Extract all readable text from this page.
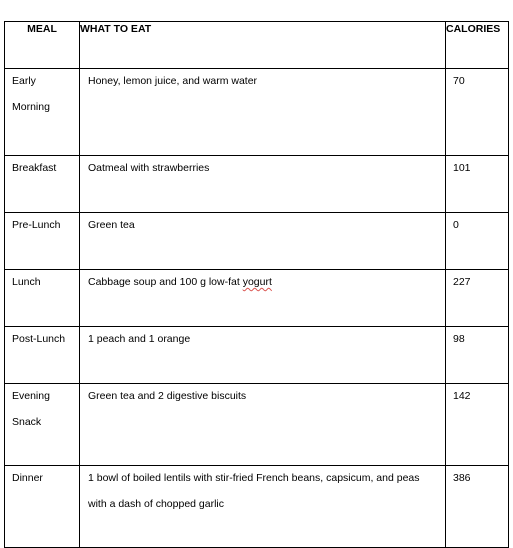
MEAL	WHAT TO EAT	CALORIES

Early Morning	Honey, lemon juice, and warm water	70

Breakfast	Oatmeal with strawberries	101

Pre-Lunch	Green tea	0

Lunch	Cabbage soup and 100 g low-fat yogurt	227

Post-Lunch	1 peach and 1 orange	98

Evening Snack	Green tea and 2 digestive biscuits	142

Dinner	1 bowl of boiled lentils with stir-fried French beans, capsicum, and peas with a dash of chopped garlic	386
